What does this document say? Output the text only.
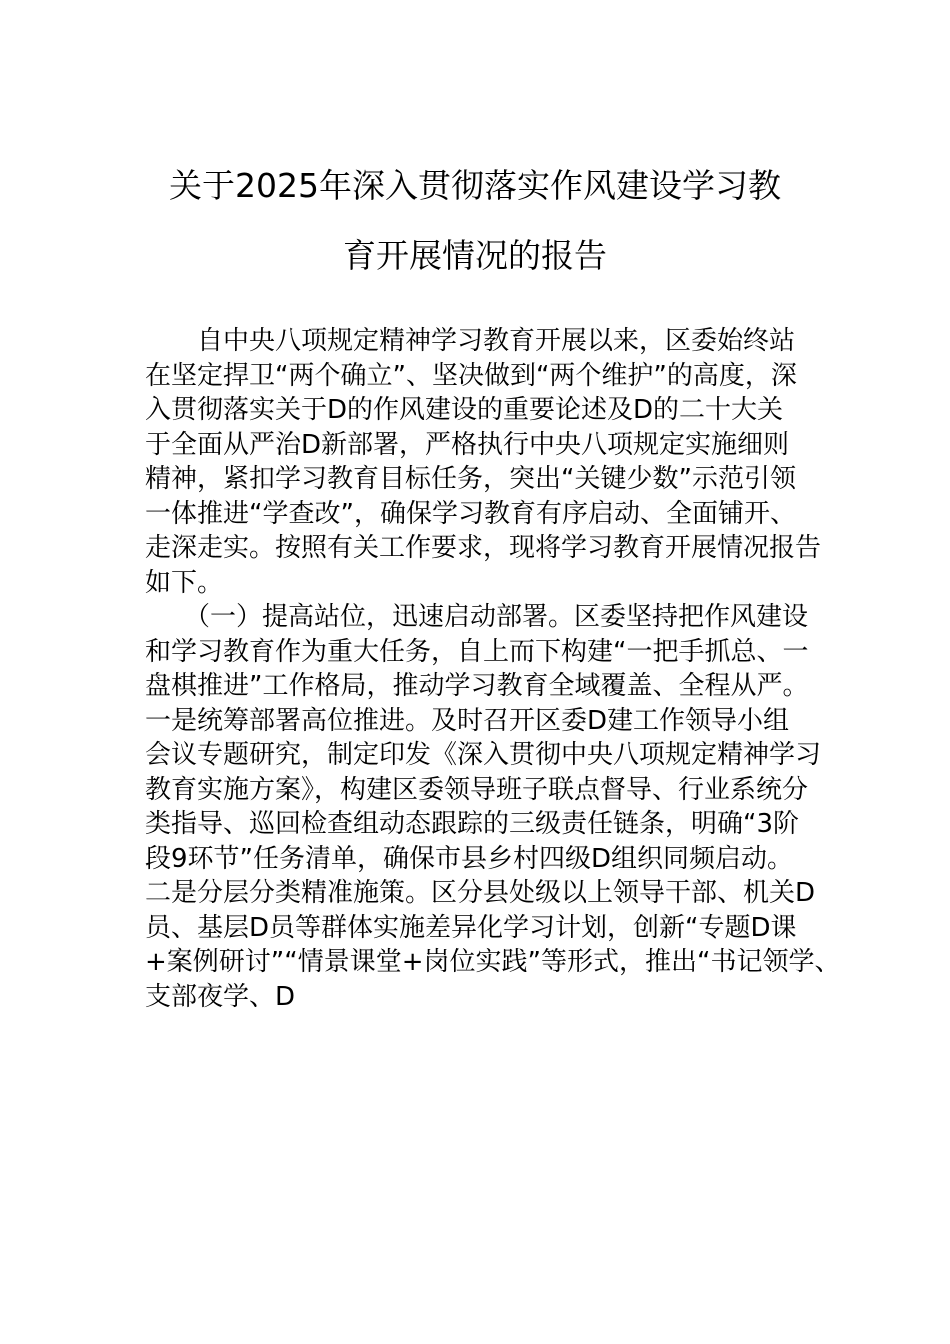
关于2025年深入贯彻落实作风建设学习教
育开展情况的报告
　　自中央八项规定精神学习教育开展以来，区委始终站
在坚定捍卫“两个确立”、坚决做到“两个维护”的高度，深
入贯彻落实关于D的作风建设的重要论述及D的二十大关
于全面从严治D新部署，严格执行中央八项规定实施细则
精神，紧扣学习教育目标任务，突出“关键少数”示范引领
一体推进“学查改”，确保学习教育有序启动、全面铺开、
走深走实。按照有关工作要求，现将学习教育开展情况报告
如下。
　　（一）提高站位，迅速启动部署。区委坚持把作风建设
和学习教育作为重大任务，自上而下构建“一把手抓总、一
盘棋推进”工作格局，推动学习教育全域覆盖、全程从严。
一是统筹部署高位推进。及时召开区委D建工作领导小组
会议专题研究，制定印发《深入贯彻中央八项规定精神学习
教育实施方案》，构建区委领导班子联点督导、行业系统分
类指导、巡回检查组动态跟踪的三级责任链条，明确“3阶
段9环节”任务清单，确保市县乡村四级D组织同频启动。
二是分层分类精准施策。区分县处级以上领导干部、机关D
员、基层D员等群体实施差异化学习计划，创新“专题D课
+案例研讨”“情景课堂+岗位实践”等形式，推出“书记领学、
支部夜学、D
